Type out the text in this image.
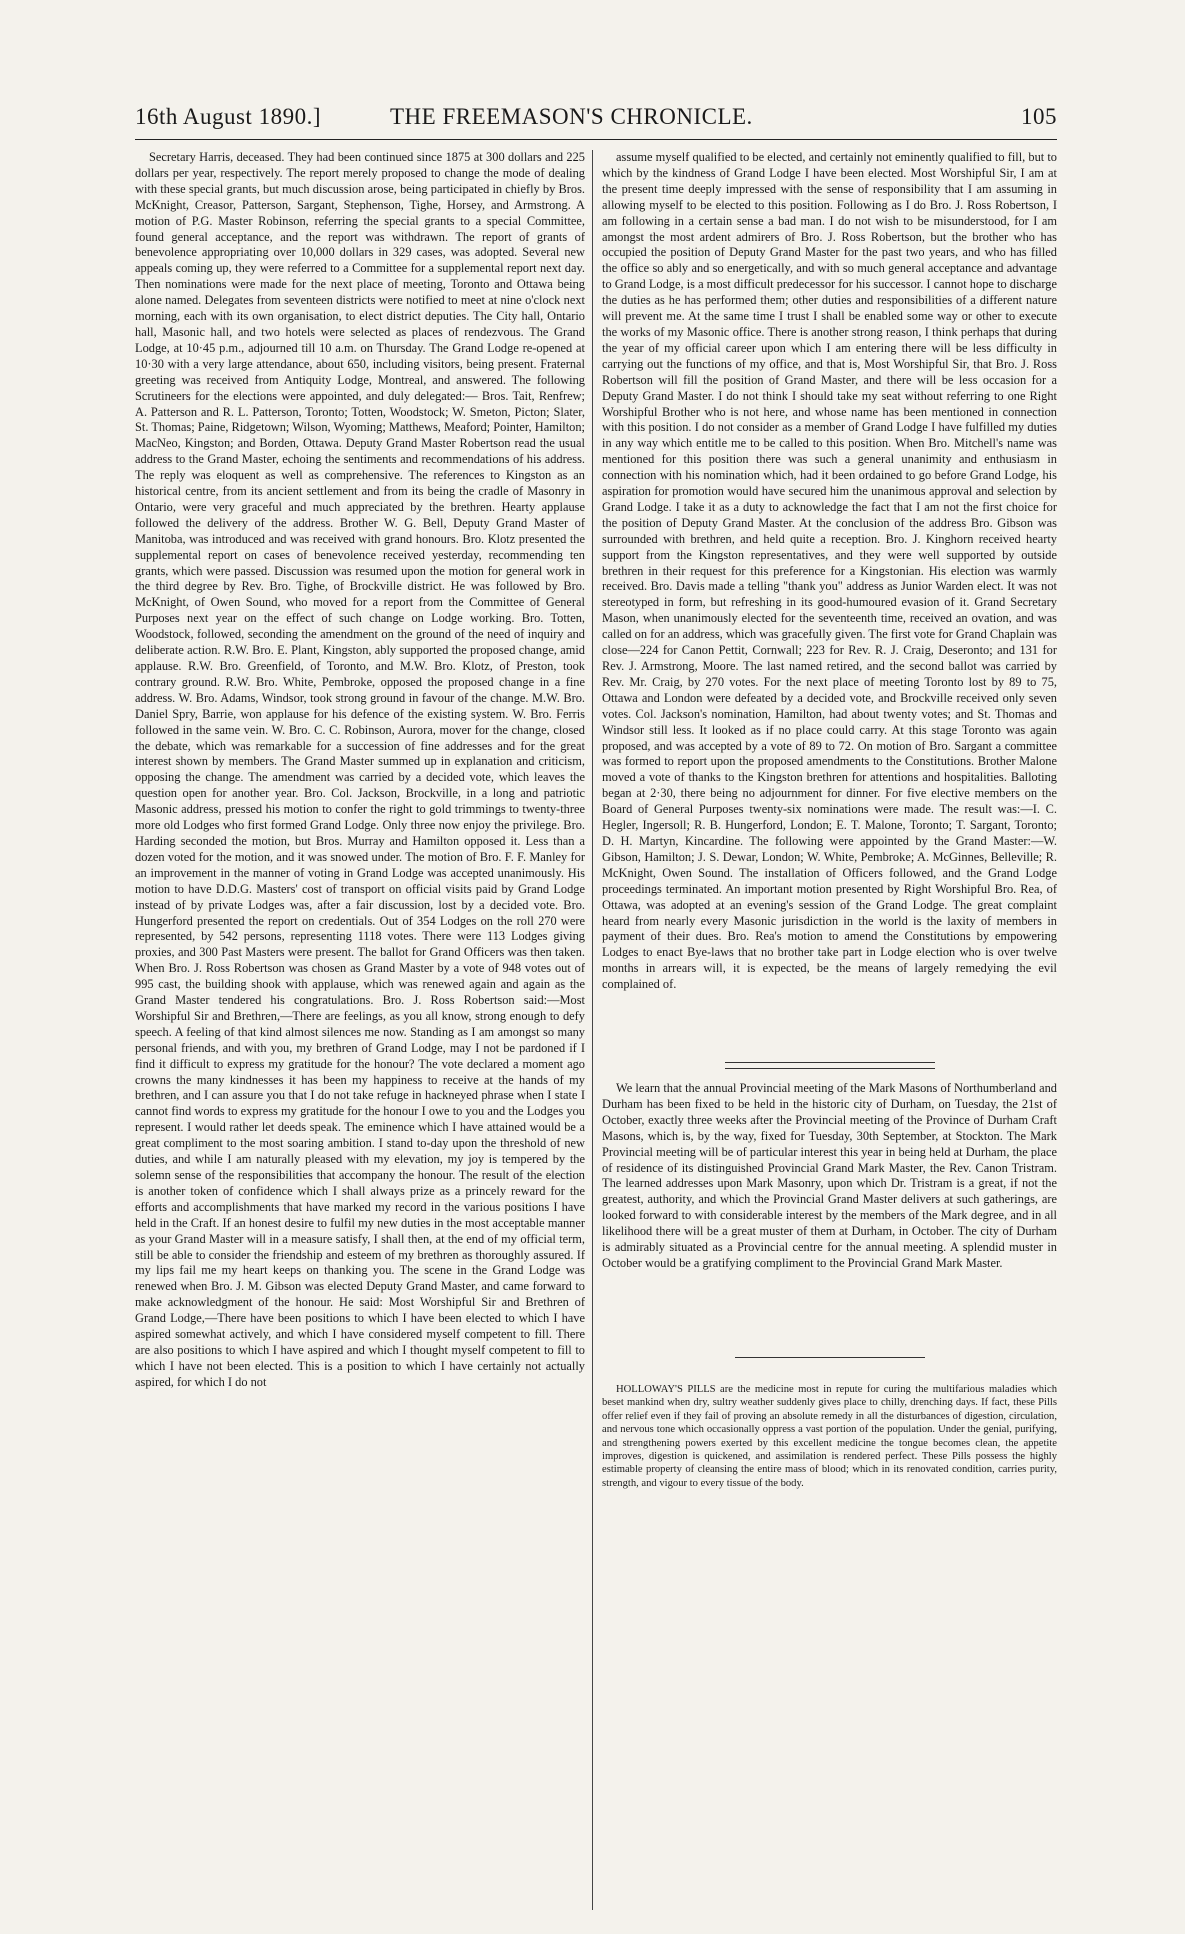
16th August 1890.]	THE FREEMASON'S CHRONICLE.	105

Secretary Harris, deceased. They had been continued since 1875 at 300 dollars and 225 dollars per year, respectively. The report merely proposed to change the mode of dealing with these special grants, but much discussion arose, being participated in chiefly by Bros. McKnight, Creasor, Patterson, Sargant, Stephenson, Tighe, Horsey, and Armstrong. A motion of P.G. Master Robinson, referring the special grants to a special Committee, found general acceptance, and the report was withdrawn. The report of grants of benevolence appropriating over 10,000 dollars in 329 cases, was adopted. Several new appeals coming up, they were referred to a Committee for a supplemental report next day. Then nominations were made for the next place of meeting, Toronto and Ottawa being alone named. Delegates from seventeen districts were notified to meet at nine o'clock next morning, each with its own organisation, to elect district deputies. The City hall, Ontario hall, Masonic hall, and two hotels were selected as places of rendezvous. The Grand Lodge, at 10·45 p.m., adjourned till 10 a.m. on Thursday. The Grand Lodge re-opened at 10·30 with a very large attendance, about 650, including visitors, being present. Fraternal greeting was received from Antiquity Lodge, Montreal, and answered. The following Scrutineers for the elections were appointed, and duly delegated:— Bros. Tait, Renfrew; A. Patterson and R. L. Patterson, Toronto; Totten, Woodstock; W. Smeton, Picton; Slater, St. Thomas; Paine, Ridgetown; Wilson, Wyoming; Matthews, Meaford; Pointer, Hamilton; MacNeo, Kingston; and Borden, Ottawa. Deputy Grand Master Robertson read the usual address to the Grand Master, echoing the sentiments and recommendations of his address. The reply was eloquent as well as comprehensive. The references to Kingston as an historical centre, from its ancient settlement and from its being the cradle of Masonry in Ontario, were very graceful and much appreciated by the brethren. Hearty applause followed the delivery of the address. Brother W. G. Bell, Deputy Grand Master of Manitoba, was introduced and was received with grand honours. Bro. Klotz presented the supplemental report on cases of benevolence received yesterday, recommending ten grants, which were passed. Discussion was resumed upon the motion for general work in the third degree by Rev. Bro. Tighe, of Brockville district. He was followed by Bro. McKnight, of Owen Sound, who moved for a report from the Committee of General Purposes next year on the effect of such change on Lodge working. Bro. Totten, Woodstock, followed, seconding the amendment on the ground of the need of inquiry and deliberate action. R.W. Bro. E. Plant, Kingston, ably supported the proposed change, amid applause. R.W. Bro. Greenfield, of Toronto, and M.W. Bro. Klotz, of Preston, took contrary ground. R.W. Bro. White, Pembroke, opposed the proposed change in a fine address. W. Bro. Adams, Windsor, took strong ground in favour of the change. M.W. Bro. Daniel Spry, Barrie, won applause for his defence of the existing system. W. Bro. Ferris followed in the same vein. W. Bro. C. C. Robinson, Aurora, mover for the change, closed the debate, which was remarkable for a succession of fine addresses and for the great interest shown by members. The Grand Master summed up in explanation and criticism, opposing the change. The amendment was carried by a decided vote, which leaves the question open for another year. Bro. Col. Jackson, Brockville, in a long and patriotic Masonic address, pressed his motion to confer the right to gold trimmings to twenty-three more old Lodges who first formed Grand Lodge. Only three now enjoy the privilege. Bro. Harding seconded the motion, but Bros. Murray and Hamilton opposed it. Less than a dozen voted for the motion, and it was snowed under. The motion of Bro. F. F. Manley for an improvement in the manner of voting in Grand Lodge was accepted unanimously. His motion to have D.D.G. Masters' cost of transport on official visits paid by Grand Lodge instead of by private Lodges was, after a fair discussion, lost by a decided vote. Bro. Hungerford presented the report on credentials. Out of 354 Lodges on the roll 270 were represented, by 542 persons, representing 1118 votes. There were 113 Lodges giving proxies, and 300 Past Masters were present. The ballot for Grand Officers was then taken. When Bro. J. Ross Robertson was chosen as Grand Master by a vote of 948 votes out of 995 cast, the building shook with applause, which was renewed again and again as the Grand Master tendered his congratulations. Bro. J. Ross Robertson said:—Most Worshipful Sir and Brethren,—There are feelings, as you all know, strong enough to defy speech. A feeling of that kind almost silences me now. Standing as I am amongst so many personal friends, and with you, my brethren of Grand Lodge, may I not be pardoned if I find it difficult to express my gratitude for the honour? The vote declared a moment ago crowns the many kindnesses it has been my happiness to receive at the hands of my brethren, and I can assure you that I do not take refuge in hackneyed phrase when I state I cannot find words to express my gratitude for the honour I owe to you and the Lodges you represent. I would rather let deeds speak. The eminence which I have attained would be a great compliment to the most soaring ambition. I stand to-day upon the threshold of new duties, and while I am naturally pleased with my elevation, my joy is tempered by the solemn sense of the responsibilities that accompany the honour. The result of the election is another token of confidence which I shall always prize as a princely reward for the efforts and accomplishments that have marked my record in the various positions I have held in the Craft. If an honest desire to fulfil my new duties in the most acceptable manner as your Grand Master will in a measure satisfy, I shall then, at the end of my official term, still be able to consider the friendship and esteem of my brethren as thoroughly assured. If my lips fail me my heart keeps on thanking you. The scene in the Grand Lodge was renewed when Bro. J. M. Gibson was elected Deputy Grand Master, and came forward to make acknowledgment of the honour. He said: Most Worshipful Sir and Brethren of Grand Lodge,—There have been positions to which I have been elected to which I have aspired somewhat actively, and which I have considered myself competent to fill. There are also positions to which I have aspired and which I thought myself competent to fill to which I have not been elected. This is a position to which I have certainly not actually aspired, for which I do not

assume myself qualified to be elected, and certainly not eminently qualified to fill, but to which by the kindness of Grand Lodge I have been elected. Most Worshipful Sir, I am at the present time deeply impressed with the sense of responsibility that I am assuming in allowing myself to be elected to this position. Following as I do Bro. J. Ross Robertson, I am following in a certain sense a bad man. I do not wish to be misunderstood, for I am amongst the most ardent admirers of Bro. J. Ross Robertson, but the brother who has occupied the position of Deputy Grand Master for the past two years, and who has filled the office so ably and so energetically, and with so much general acceptance and advantage to Grand Lodge, is a most difficult predecessor for his successor. I cannot hope to discharge the duties as he has performed them; other duties and responsibilities of a different nature will prevent me. At the same time I trust I shall be enabled some way or other to execute the works of my Masonic office. There is another strong reason, I think perhaps that during the year of my official career upon which I am entering there will be less difficulty in carrying out the functions of my office, and that is, Most Worshipful Sir, that Bro. J. Ross Robertson will fill the position of Grand Master, and there will be less occasion for a Deputy Grand Master. I do not think I should take my seat without referring to one Right Worshipful Brother who is not here, and whose name has been mentioned in connection with this position. I do not consider as a member of Grand Lodge I have fulfilled my duties in any way which entitle me to be called to this position. When Bro. Mitchell's name was mentioned for this position there was such a general unanimity and enthusiasm in connection with his nomination which, had it been ordained to go before Grand Lodge, his aspiration for promotion would have secured him the unanimous approval and selection by Grand Lodge. I take it as a duty to acknowledge the fact that I am not the first choice for the position of Deputy Grand Master. At the conclusion of the address Bro. Gibson was surrounded with brethren, and held quite a reception. Bro. J. Kinghorn received hearty support from the Kingston representatives, and they were well supported by outside brethren in their request for this preference for a Kingstonian. His election was warmly received. Bro. Davis made a telling "thank you" address as Junior Warden elect. It was not stereotyped in form, but refreshing in its good-humoured evasion of it. Grand Secretary Mason, when unanimously elected for the seventeenth time, received an ovation, and was called on for an address, which was gracefully given. The first vote for Grand Chaplain was close—224 for Canon Pettit, Cornwall; 223 for Rev. R. J. Craig, Deseronto; and 131 for Rev. J. Armstrong, Moore. The last named retired, and the second ballot was carried by Rev. Mr. Craig, by 270 votes. For the next place of meeting Toronto lost by 89 to 75, Ottawa and London were defeated by a decided vote, and Brockville received only seven votes. Col. Jackson's nomination, Hamilton, had about twenty votes; and St. Thomas and Windsor still less. It looked as if no place could carry. At this stage Toronto was again proposed, and was accepted by a vote of 89 to 72. On motion of Bro. Sargant a committee was formed to report upon the proposed amendments to the Constitutions. Brother Malone moved a vote of thanks to the Kingston brethren for attentions and hospitalities. Balloting began at 2·30, there being no adjournment for dinner. For five elective members on the Board of General Purposes twenty-six nominations were made. The result was:—I. C. Hegler, Ingersoll; R. B. Hungerford, London; E. T. Malone, Toronto; T. Sargant, Toronto; D. H. Martyn, Kincardine. The following were appointed by the Grand Master:—W. Gibson, Hamilton; J. S. Dewar, London; W. White, Pembroke; A. McGinnes, Belleville; R. McKnight, Owen Sound. The installation of Officers followed, and the Grand Lodge proceedings terminated. An important motion presented by Right Worshipful Bro. Rea, of Ottawa, was adopted at an evening's session of the Grand Lodge. The great complaint heard from nearly every Masonic jurisdiction in the world is the laxity of members in payment of their dues. Bro. Rea's motion to amend the Constitutions by empowering Lodges to enact Bye-laws that no brother take part in Lodge election who is over twelve months in arrears will, it is expected, be the means of largely remedying the evil complained of.

We learn that the annual Provincial meeting of the Mark Masons of Northumberland and Durham has been fixed to be held in the historic city of Durham, on Tuesday, the 21st of October, exactly three weeks after the Provincial meeting of the Province of Durham Craft Masons, which is, by the way, fixed for Tuesday, 30th September, at Stockton. The Mark Provincial meeting will be of particular interest this year in being held at Durham, the place of residence of its distinguished Provincial Grand Mark Master, the Rev. Canon Tristram. The learned addresses upon Mark Masonry, upon which Dr. Tristram is a great, if not the greatest, authority, and which the Provincial Grand Master delivers at such gatherings, are looked forward to with considerable interest by the members of the Mark degree, and in all likelihood there will be a great muster of them at Durham, in October. The city of Durham is admirably situated as a Provincial centre for the annual meeting. A splendid muster in October would be a gratifying compliment to the Provincial Grand Mark Master.

HOLLOWAY'S PILLS are the medicine most in repute for curing the multifarious maladies which beset mankind when dry, sultry weather suddenly gives place to chilly, drenching days. If fact, these Pills offer relief even if they fail of proving an absolute remedy in all the disturbances of digestion, circulation, and nervous tone which occasionally oppress a vast portion of the population. Under the genial, purifying, and strengthening powers exerted by this excellent medicine the tongue becomes clean, the appetite improves, digestion is quickened, and assimilation is rendered perfect. These Pills possess the highly estimable property of cleansing the entire mass of blood; which in its renovated condition, carries purity, strength, and vigour to every tissue of the body.
